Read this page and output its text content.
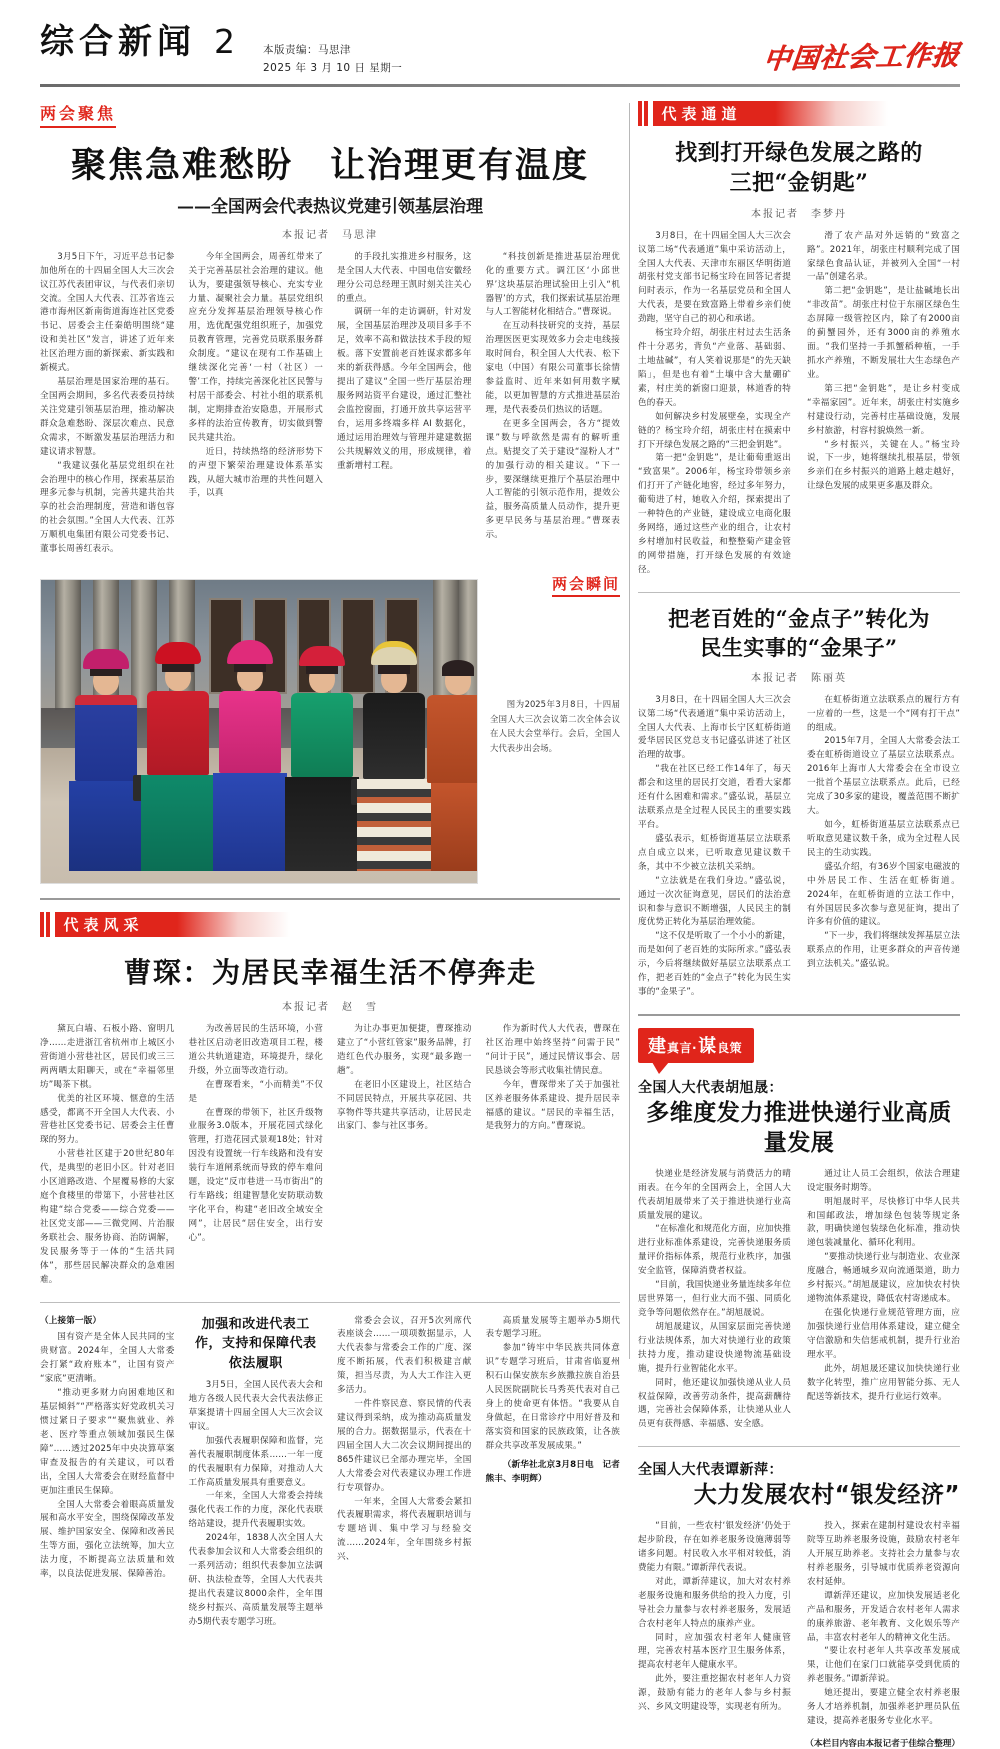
综合新闻 2	本版责编：马思津
2025 年 3 月 10 日 星期一	中国社会工作报
两会聚焦
聚焦急难愁盼　让治理更有温度
——全国两会代表热议党建引领基层治理
本报记者　马思津

3月5日下午，习近平总书记参加他所在的十四届全国人大三次会议江苏代表团审议，与代表们亲切交流。全国人大代表、江苏省连云港市海州区新南街道海连社区党委书记、居委会主任秦皓明围绕“建设和美社区”发言，讲述了近年来社区治理方面的新探索、新实践和新模式。

基层治理是国家治理的基石。全国两会期间，多名代表委员持续关注党建引领基层治理，推动解决群众急难愁盼、深层次难点、民意众需求，不断激发基层治理活力和建议请求智慧。

“我建议强化基层党组织在社会治理中的核心作用，探索基层治理多元参与机制，完善共建共治共享的社会治理制度，营造和谐包容的社会氛围。”全国人大代表、江苏万顺机电集团有限公司党委书记、董事长周善红表示。

今年全国两会，周善红带来了关于完善基层社会治理的建议。他认为，要建强领导核心、充实专业力量、凝聚社会力量。基层党组织应充分发挥基层治理领导核心作用，选优配强党组织班子，加强党员教育管理，完善党员联系服务群众制度。“建议在现有工作基础上继续深化完善‘一村（社区）一警’工作，持续完善深化社区民警与村居干部委会、村社小组的联系机制，定期排查治安隐患，开展形式多样的法治宣传教育，切实做到警民共建共治。

近日，持续热络的经济形势下的声望下繁荣治理建设体系革实践，从超大城市治理的共性问题入手，以真

的手段扎实推进乡村服务，这是全国人大代表、中国电信安徽经理分公司总经理王凯时刻关注关心的重点。

调研一年的走访调研，针对发展，全国基层治理涉及项目多手不足，效率不高和做法技术手段的短板。落下安置前老百姓谋求都多年来的新获得感。今年全国两会，他提出了建议“全国一些厅基层治理服务网站资平台建设，通过汇整社会监控窗面，打通开放共享运营平台，运用多终端多样 AI 数据化，通过运用治理效与管理并建建数据公共规解效义的用，形成规律，着重新增村工程。

“科技创新是推进基层治理优化的重要方式。调江区‘小邱世界’这块基层治理试验田上引入“机器智’的方式，我们探索试基层治理与人工智能材化相结合。”曹琛说。

在互动科技研究的支持，基层治理医医更实现效多力会走电线接取时间台，积全国人大代表、松下家电（中国）有限公司董事长徐情参益监时、近年来如何用数字赋能，以更加智慧的方式推进基层治理，是代表委员们热议的话题。

在更多全国两会，各方“提效课”数与呼欲然是需有的解听重点。贴提交了关于建设“湿粉人才”的加强行动的相关建议。“下一步，要深继续更推厅个基层治理中人工智能的引领示范作用，提效公益，服务高质量人员动作，提升更多更早民务与基层治理。”曹琛表示。

两会瞬间
图为2025年3月8日，十四届全国人大三次会议第二次全体会议在人民大会堂举行。会后，全国人大代表步出会场。
代表风采
曹琛：为居民幸福生活不停奔走
本报记者　赵　雪

黛瓦白墙、石板小路、窗明几净……走进浙江省杭州市上城区小营街道小营巷社区，居民们或三三两两晒太阳聊天，或在“幸福邻里坊”喝茶下棋。

优美的社区环境、惬意的生活感受，都离不开全国人大代表、小营巷社区党委书记、居委会主任曹琛的努力。

小营巷社区建于20世纪80年代，是典型的老旧小区。针对老旧小区道路改造、个屋覆易修的大家庭个食楼里的带第下，小营巷社区构建“综合党委——综合党委——社区党支部——三微党网、片治服务联社会、服务协商、治防调解，发民服务等于一体的“生活共同体”，那些居民解决群众的急难困难。

为改善居民的生活环境，小营巷社区启动老旧改造项目工程，楼道公共轨道建造，环境提升，绿化升级，外立面等改造行动。

在曹琛看来，“小而精美”不仅是

在曹琛的带领下，社区升级物业服务3.0版本，开展花园式绿化管理，打造花园式景观18处；针对因没有设置统一行车线路和没有安装行车道闸系统而导致的停车难问题，设定“反市巷进一马市街出”的行车路线；组建智慧化安防联动数字化平台，构建“老旧改全域安全网”，让居民“居住安全，出行安心”。

为让办事更加便捷，曹琛推动建立了“小营红管家”服务品牌，打造红色代办服务，实现“最多跑一趟”。

在老旧小区建设上，社区结合不同居民特点，开展共享花园、共享物件等共建共享活动，让居民走出家门、参与社区事务。

作为新时代人大代表，曹琛在社区治理中始终坚持“问需于民”“问计于民”，通过民情议事会、居民恳谈会等形式收集社情民意。

今年，曹琛带来了关于加强社区养老服务体系建设、提升居民幸福感的建议。“居民的幸福生活，是我努力的方向。”曹琛说。

（上接第一版）

国有资产是全体人民共同的宝贵财富。2024年，全国人大常委会打紧“政府账本”，让国有资产“家底”更清晰。

“推动更多财力向困难地区和基层倾斜”“严格落实好党政机关习惯过紧日子要求”“聚焦就业、养老、医疗等重点领域加强民生保障”……透过2025年中央决算草案审查及报告的有关建议，可以看出，全国人大常委会在财经监督中更加注重民生保障。

全国人大常委会着眼高质量发展和高水平安全，围绕保障改革发展、维护国家安全、保障和改善民生等方面，强化立法统筹，加大立法力度，不断提高立法质量和效率，以良法促进发展、保障善治。

加强和改进代表工作，支持和保障代表依法履职

3月5日，全国人民代表大会和地方各级人民代表大会代表法修正草案提请十四届全国人大三次会议审议。

加强代表履职保障和监督，完善代表履职制度体系……一年一度的代表履职有力保障，对推动人大工作高质量发展具有重要意义。

一年来，全国人大常委会持续强化代表工作的力度，深化代表联络站建设，提升代表履职实效。

2024年，1838人次全国人大代表参加会议和人大常委会组织的一系列活动；组织代表参加立法调研、执法检查等，全国人大代表共提出代表建议8000余件，全年围绕乡村振兴、高质量发展等主题举办5期代表专题学习班。

常委会会议，召开5次列席代表座谈会……一项项数据显示，人大代表参与常委会工作的广度、深度不断拓展，代表们积极建言献策，担当尽责，为人大工作注入更多活力。

一件件察民意、察民情的代表建议得到采纳，成为推动高质量发展的合力。据数据显示，代表在十四届全国人大二次会议期间提出的865件建议已全部办理完毕，全国人大常委会对代表建议办理工作进行专项督办。

一年来，全国人大常委会紧扣代表履职需求，将代表履职培训与专题培训、集中学习与经验交流……2024年，全年围绕乡村振兴、

高质量发展等主题举办5期代表专题学习班。

参加“铸牢中华民族共同体意识”专题学习班后，甘肃省临夏州积石山保安族东乡族撒拉族自治县人民医院副院长马秀英代表对自己身上的使命更有体悟。“我要从自身做起，在日常诊疗中用好普及和落实资和国家的民族政策，让各族群众共享改革发展成果。”

（新华社北京3月8日电　记者熊丰、李明辉）
代表通道
找到打开绿色发展之路的
三把“金钥匙”
本报记者　李梦丹

3月8日，在十四届全国人大三次会议第二场“代表通道”集中采访活动上，全国人大代表、天津市东丽区华明街道胡张村党支部书记杨宝玲在回答记者提问时表示，作为一名基层党员和全国人大代表，是要在致富路上带着乡亲们使劲跑，坚守自己的初心和承诺。

杨宝玲介绍，胡张庄村过去生活条件十分恶劣，背负“产业落、基础弱、土地盐碱”，有人笑着说那是“的先天缺陷」，但是也有着“土壤中含大量硼矿素，村庄美的新窗口迎景，林道香的特色的春天。

如何解决乡村发展壁垒，实现全产链的？杨宝玲介绍，胡张庄村在摸索中打下开绿色发展之路的“三把金钥匙”。

第一把“金钥匙”，是让葡萄重返出“致富果”。2006年，杨宝玲带领乡亲们打开了产链化地窖，经过多年努力，葡萄进了村，她收入介绍，探索提出了一种特色的产业链，建设成立电商化服务网络，通过这些产业的组合，让农村乡村增加村民收益，和整整菊产建金管的网带措施，打开绿色发展的有效途径。

滑了农产品对外远销的“致富之路”。2021年，胡张庄村顺利完成了国家绿色食品认证，并被列入全国“一村一品”创建名录。

第二把“金钥匙”，是让盐碱地长出“非改苗”。胡张庄村位于东丽区绿色生态屏障一级管控区内，除了有2000亩的蓟蟹园外，还有3000亩的养殖水面。“我们坚持一手抓蟹稻种植，一手抓水产养殖，不断发展壮大生态绿色产业。

第三把“金钥匙”，是让乡村变成“幸福家园”。近年来，胡张庄村实施乡村建设行动，完善村庄基础设施，发展乡村旅游，村容村貌焕然一新。

“乡村振兴，关键在人。”杨宝玲说，下一步，她将继续扎根基层，带领乡亲们在乡村振兴的道路上越走越好，让绿色发展的成果更多惠及群众。

把老百姓的“金点子”转化为
民生实事的“金果子”
本报记者　陈丽英

3月8日，在十四届全国人大三次会议第二场“代表通道”集中采访活动上，全国人大代表、上海市长宁区虹桥街道爱华居民区党总支书记盛弘讲述了社区治理的故事。

“我在社区已经工作14年了，每天都会和这里的居民打交道，看看大家都还有什么困难和需求。”盛弘说，基层立法联系点是全过程人民民主的重要实践平台。

盛弘表示，虹桥街道基层立法联系点自成立以来，已听取意见建议数千条，其中不少被立法机关采纳。

“立法就是在我们身边。”盛弘说，通过一次次征询意见，居民们的法治意识和参与意识不断增强，人民民主的制度优势正转化为基层治理效能。

“这不仅是听取了一个小小的新建，而是如何了老百姓的实际所求。”盛弘表示，今后将继续做好基层立法联系点工作，把老百姓的“金点子”转化为民生实事的“金果子”。

在虹桥街道立法联系点的履行方有一应着的一些，这是一个“网有打干点”的组成。

2015年7月，全国人大常委会法工委在虹桥街道设立了基层立法联系点。2016年上海市人大常委会在全市设立一批首个基层立法联系点。此后，已经完成了30多家的建设，覆盖范围不断扩大。

如今，虹桥街道基层立法联系点已听取意见建议数千条，成为全过程人民民主的生动实践。

盛弘介绍，有36岁个国家电磁波的中外居民工作、生活在虹桥街道。2024年，在虹桥街道的立法工作中，有外国居民多次参与意见征询，提出了许多有价值的建议。

“下一步，我们将继续发挥基层立法联系点的作用，让更多群众的声音传递到立法机关。”盛弘说。

建 真言· 谋 良策
全国人大代表胡旭晟：
多维度发力推进快递行业高质量发展

快递业是经济发展与消费活力的晴雨表。在今年的全国两会上，全国人大代表胡旭晟带来了关于推进快递行业高质量发展的建议。

“在标准化和规范化方面，应加快推进行业标准体系建设，完善快递服务质量评价指标体系，规范行业秩序，加强安全监管，保障消费者权益。

“目前，我国快递业务量连续多年位居世界第一，但行业大而不强、同质化竞争等问题依然存在。”胡旭晟说。

胡旭晟建议，从国家层面完善快递行业法规体系，加大对快递行业的政策扶持力度，推动建设快递物流基础设施，提升行业智能化水平。

同时，他还建议加强快递从业人员权益保障，改善劳动条件，提高薪酬待遇，完善社会保障体系，让快递从业人员更有获得感、幸福感、安全感。

通过让人员工会组织，依法合理建设定服务时期等。

明旭晟时平，尽快修订中华人民共和国邮政法，增加绿色包装等规定条款，明确快递包装绿色化标准，推动快递包装减量化、循环化利用。

“要推动快递行业与制造业、农业深度融合，畅通城乡双向流通渠道，助力乡村振兴。”胡旭晟建议，应加快农村快递物流体系建设，降低农村寄递成本。

在强化快递行业规范管理方面，应加强快递行业信用体系建设，建立健全守信激励和失信惩戒机制，提升行业治理水平。

此外，胡旭晟还建议加快快递行业数字化转型，推广应用智能分拣、无人配送等新技术，提升行业运行效率。

全国人大代表谭新萍：
大力发展农村“银发经济”

“目前，一些农村‘银发经济’仍处于起步阶段，存在如养老服务设施薄弱等诸多问题。村民收入水平相对较低，消费能力有限。”谭新萍代表说。

对此，谭新萍建议，加大对农村养老服务设施和服务供给的投入力度，引导社会力量参与农村养老服务，发展适合农村老年人特点的康养产业。

同时，应加强农村老年人健康管理，完善农村基本医疗卫生服务体系，提高农村老年人健康水平。

此外，要注重挖掘农村老年人力资源，鼓励有能力的老年人参与乡村振兴、乡风文明建设等，实现老有所为。

投入，探索在建制村建设农村幸福院等互助养老服务设施，鼓励农村老年人开展互助养老。支持社会力量参与农村养老服务，引导城市优质养老资源向农村延伸。

谭新萍还建议，应加快发展适老化产品和服务，开发适合农村老年人需求的康养旅游、老年教育、文化娱乐等产品，丰富农村老年人的精神文化生活。

“要让农村老年人共享改革发展成果，让他们在家门口就能享受到优质的养老服务。”谭新萍说。

她还提出，要建立健全农村养老服务人才培养机制，加强养老护理员队伍建设，提高养老服务专业化水平。

（本栏目内容由本报记者于佳综合整理）
